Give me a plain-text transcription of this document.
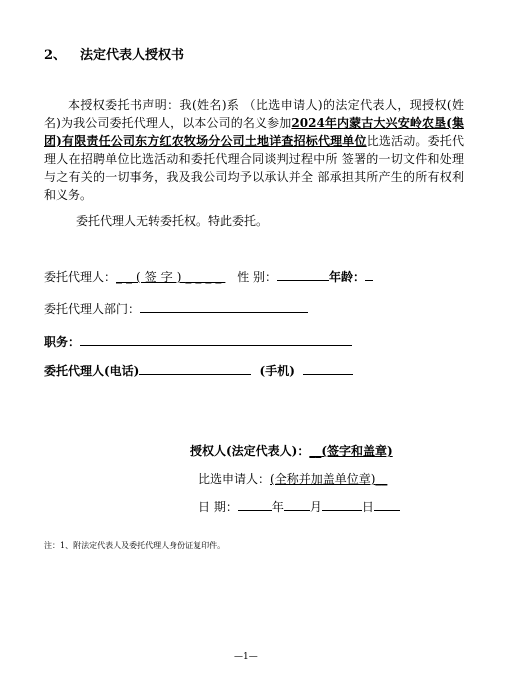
2、 法定代表人授权书
本授权委托书声明：我(姓名)系 （比选申请人)的法定代表人，现授权(姓名)为我公司委托代理人，以本公司的名义参加2024年内蒙古大兴安岭农垦(集团)有限责任公司东方红农牧场分公司土地详查招标代理单位比选活动。委托代理人在招聘单位比选活动和委托代理合同谈判过程中所 签署的一切文件和处理与之有关的一切事务，我及我公司均予以承认并全 部承担其所产生的所有权利和义务。
委托代理人无转委托权。特此委托。
委托代理人：__(签字)____ 性 别：	年龄：
委托代理人部门：
职务：
委托代理人(电话)	(手机)
授权人(法定代表人)：__(签字和盖章)
比选申请人：(全称并加盖单位章)__
日 期：	年 月	日
注：1、附法定代表人及委托代理人身份证复印件。
—1—
